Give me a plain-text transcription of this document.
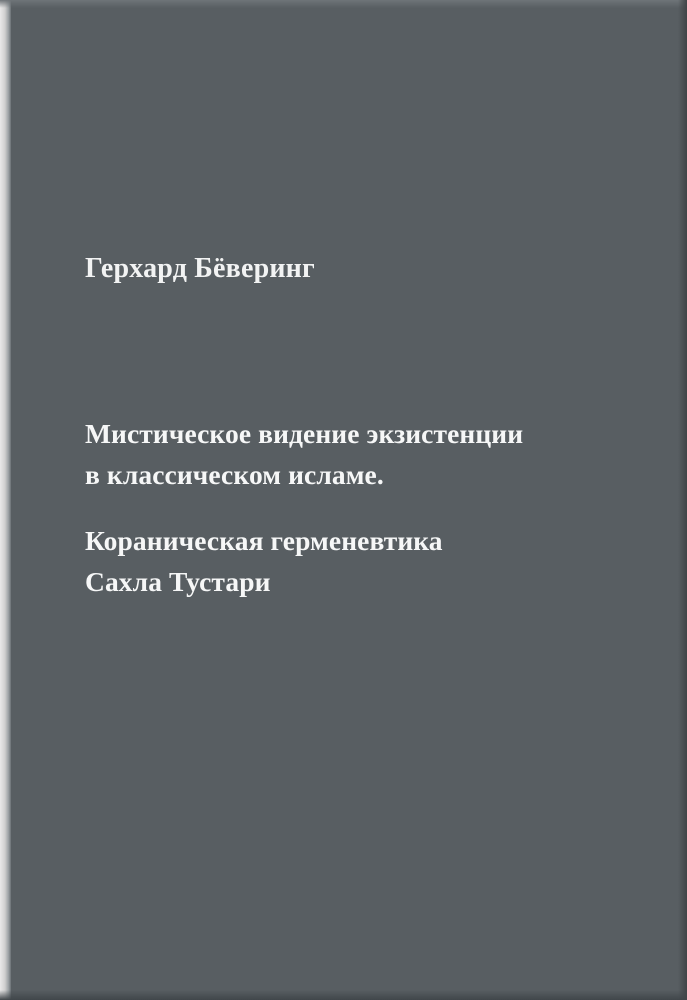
Герхард Бёверинг
Мистическое видение экзистенции
в классическом исламе.
Кораническая герменевтика
Сахла Тустари
